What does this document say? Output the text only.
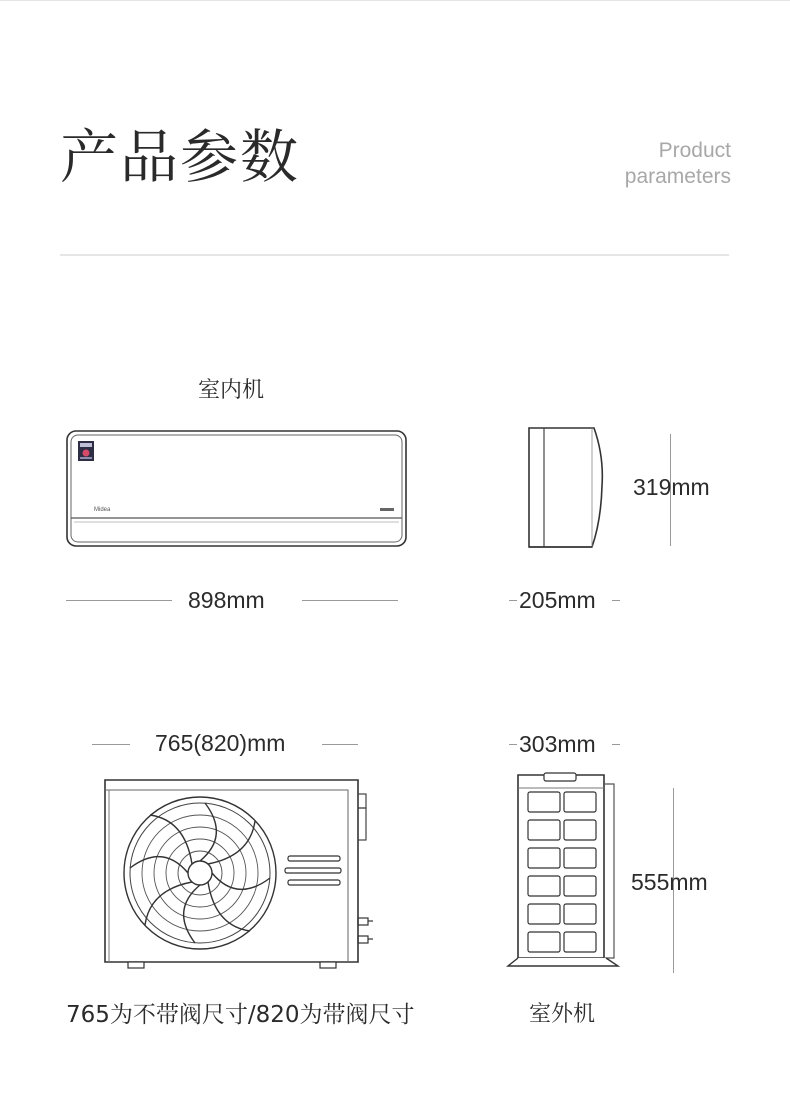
产品参数	Product
parameters
室内机
Midea
319mm
898mm	205mm
765(820)mm	303mm
555mm
765为不带阀尺寸/820为带阀尺寸	室外机
